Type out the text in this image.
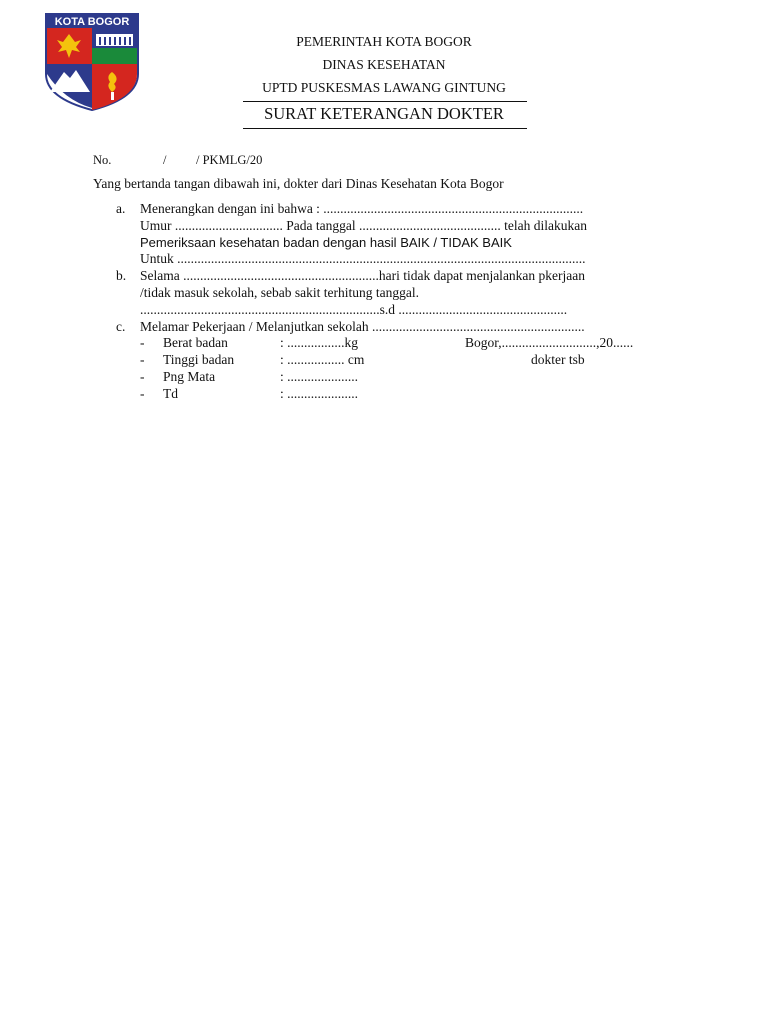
KOTA BOGOR
PEMERINTAH KOTA BOGOR
DINAS KESEHATAN
UPTD PUSKESMAS LAWANG GINTUNG
SURAT KETERANGAN DOKTER
No.	/ / PKMLG/20
Yang bertanda tangan dibawah ini, dokter dari Dinas Kesehatan Kota Bogor
a. Menerangkan dengan ini bahwa : .............................................................................
Umur ................................ Pada tanggal .......................................... telah dilakukan
Pemeriksaan kesehatan badan dengan hasil BAIK / TIDAK BAIK
Untuk .........................................................................................................................
b. Selama ..........................................................hari tidak dapat menjalankan pkerjaan
/tidak masuk sekolah, sebab sakit terhitung tanggal.
.......................................................................s.d ..................................................
c. Melamar Pekerjaan / Melanjutkan sekolah ...............................................................
- Berat badan	: .................kg
- Tinggi badan	: ................. cm
- Png Mata	: .....................
- Td	: .....................
Bogor,............................,20......
dokter tsb
